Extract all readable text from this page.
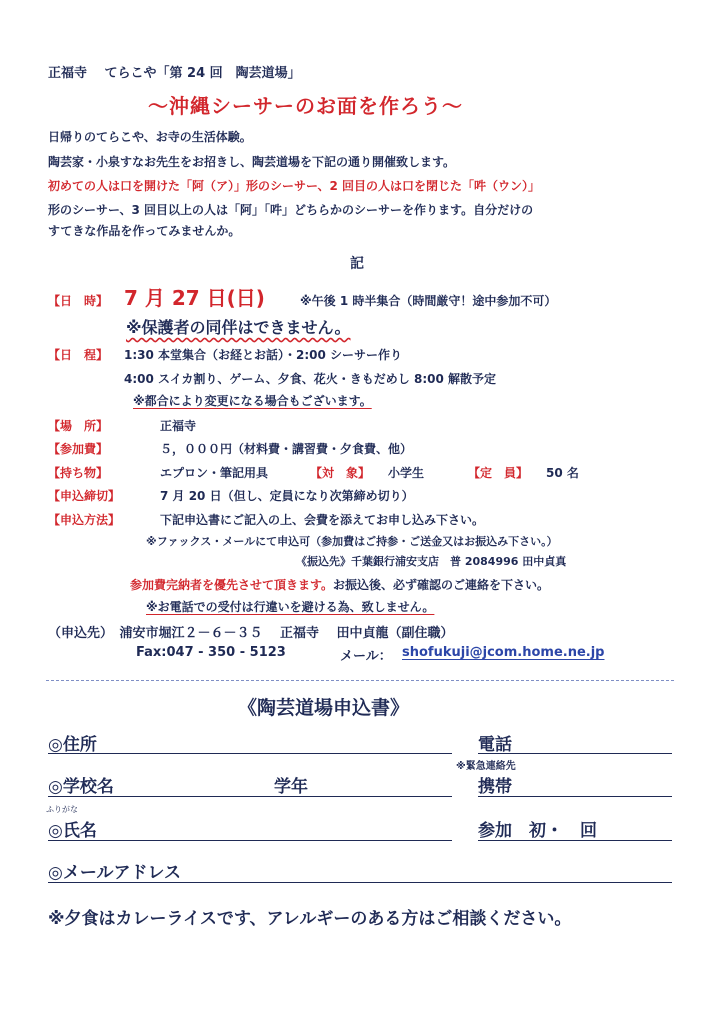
正福寺　 てらこや「第 24 回　陶芸道場」
～沖縄シーサーのお面を作ろう～
日帰りのてらこや、お寺の生活体験。
陶芸家・小泉すなお先生をお招きし、陶芸道場を下記の通り開催致します。
初めての人は口を開けた「阿（ア）」形のシーサー、2 回目の人は口を閉じた「吽（ウン）」
形のシーサー、3 回目以上の人は「阿」「吽」どちらかのシーサーを作ります。自分だけの
すてきな作品を作ってみませんか。
記
【日　時】 7 月 27 日(日)	※午後 1 時半集合（時間厳守！途中参加不可）
※保護者の同伴はできません。
【日　程】 1:30 本堂集合（お経とお話）・2:00 シーサー作り
4:00 スイカ割り、ゲーム、夕食、花火・きもだめし 8:00 解散予定
※都合により変更になる場合もございます。
【場　所】	正福寺
【参加費】	５，０００円（材料費・講習費・夕食費、他）
【持ち物】	エプロン・筆記用具	【対　象】 小学生	【定　員】 50 名
【申込締切】	7 月 20 日（但し、定員になり次第締め切り）
【申込方法】	下記申込書にご記入の上、会費を添えてお申し込み下さい。
※ファックス・メールにて申込可（参加費はご持参・ご送金又はお振込み下さい。）
《振込先》千葉銀行浦安支店　普 2084996 田中貞真
参加費完納者を優先させて頂きます。お振込後、必ず確認のご連絡を下さい。
※お電話での受付は行違いを避ける為、致しません。
（申込先）　浦安市堀江２－６－３５　 正福寺　 田中貞龍（副住職）
Fax:047 - 350 - 5123	メール： shofukuji@jcom.home.ne.jp
《陶芸道場申込書》
◎住所	電話
※緊急連絡先
◎学校名	学年	携帯
ふりがな
◎氏名	参加　初・　回
◎メールアドレス
※夕食はカレーライスです、アレルギーのある方はご相談ください。
